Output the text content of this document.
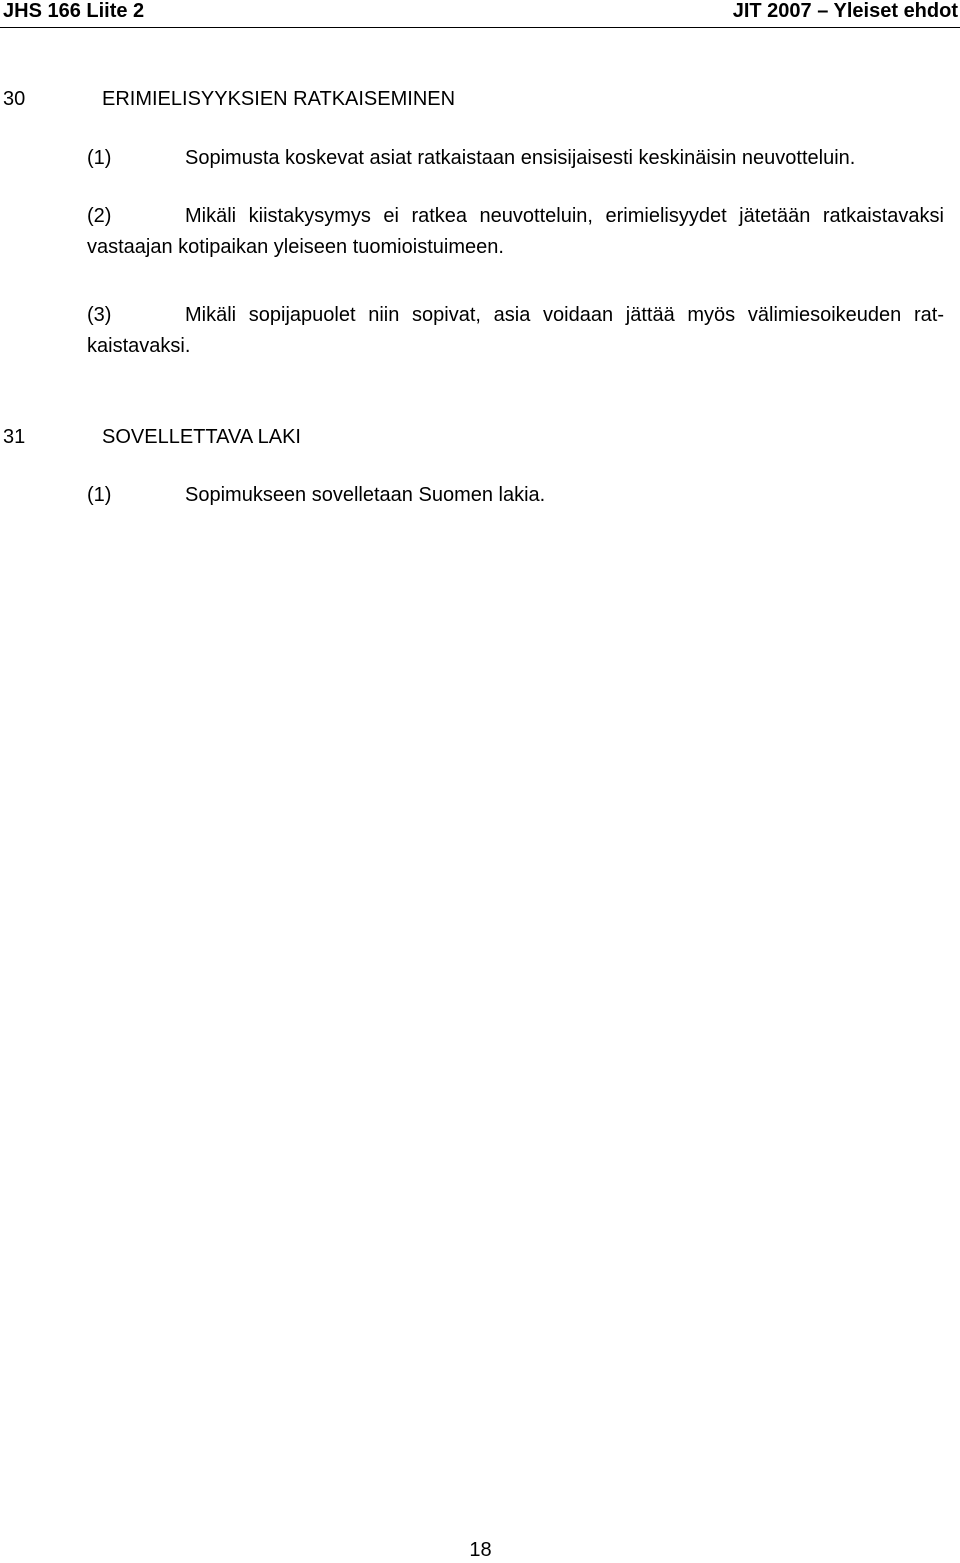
JHS 166 Liite 2	JIT 2007 – Yleiset ehdot
30	ERIMIELISYYKSIEN RATKAISEMINEN
(1)	Sopimusta koskevat asiat ratkaistaan ensisijaisesti keskinäisin neuvotteluin.
(2)	Mikäli kiistakysymys ei ratkea neuvotteluin, erimielisyydet jätetään ratkaistavaksi vastaajan kotipaikan yleiseen tuomioistuimeen.
(3)	Mikäli sopijapuolet niin sopivat, asia voidaan jättää myös välimiesoikeuden ratkaistavaksi.
31	SOVELLETTAVA LAKI
(1)	Sopimukseen sovelletaan Suomen lakia.
18
